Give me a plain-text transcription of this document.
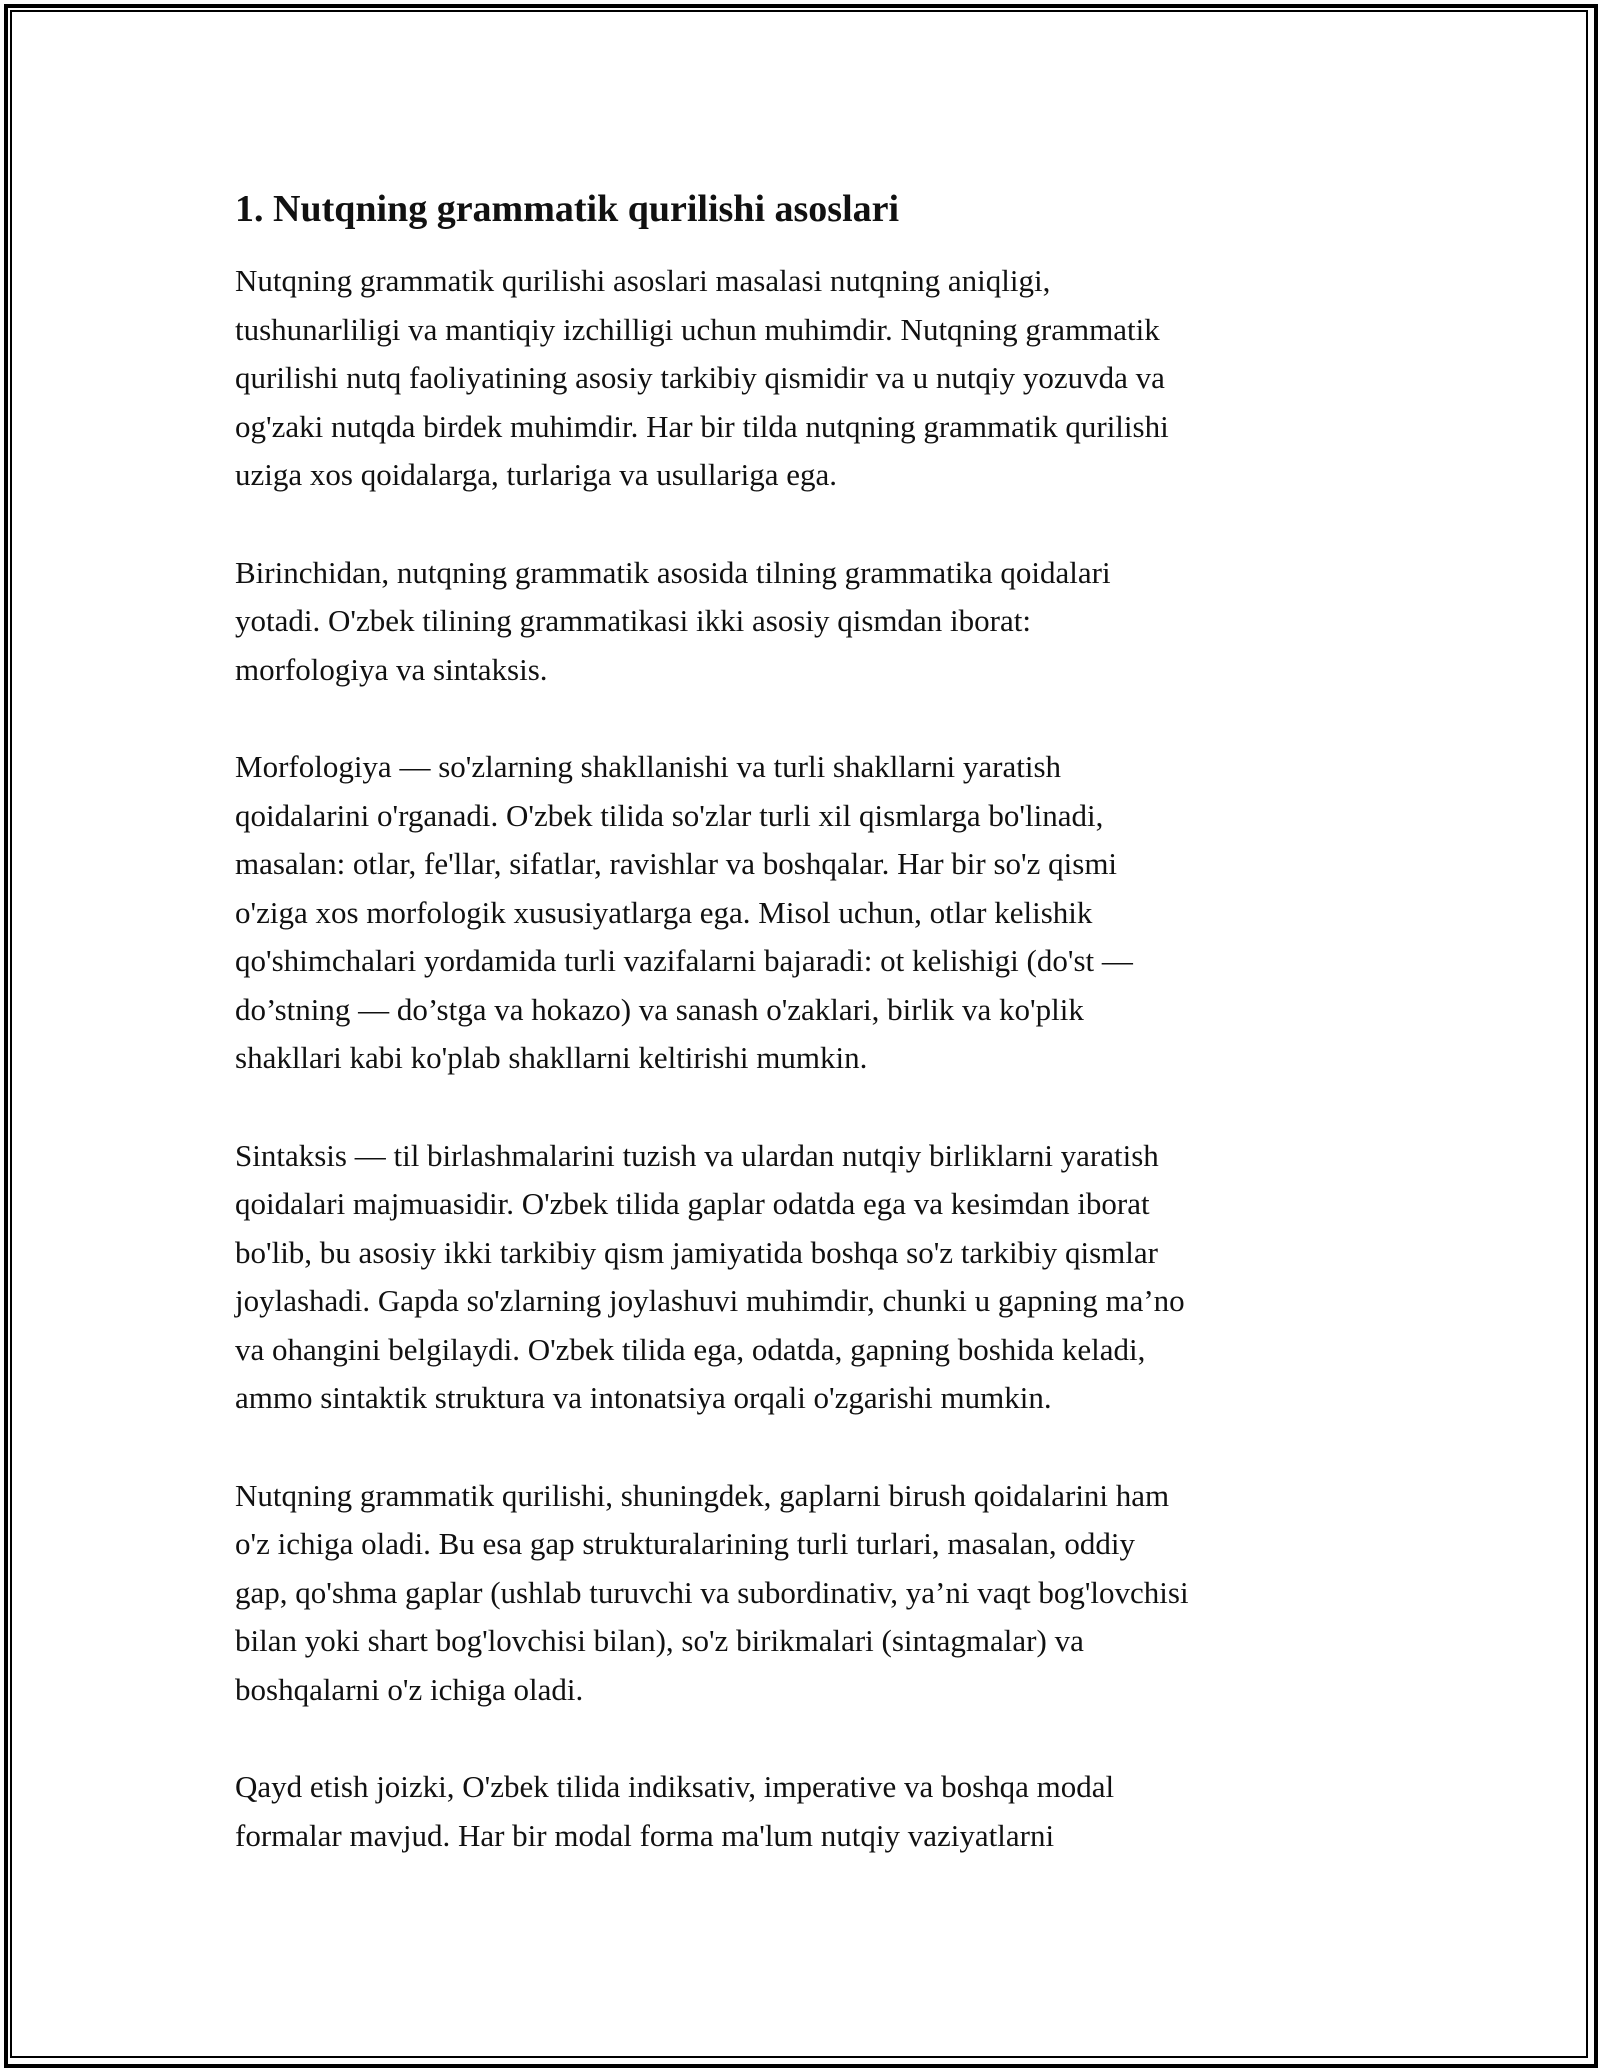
1. Nutqning grammatik qurilishi asoslari

Nutqning grammatik qurilishi asoslari masalasi nutqning aniqligi,
tushunarliligi va mantiqiy izchilligi uchun muhimdir. Nutqning grammatik
qurilishi nutq faoliyatining asosiy tarkibiy qismidir va u nutqiy yozuvda va
og'zaki nutqda birdek muhimdir. Har bir tilda nutqning grammatik qurilishi
uziga xos qoidalarga, turlariga va usullariga ega.

Birinchidan, nutqning grammatik asosida tilning grammatika qoidalari
yotadi. O'zbek tilining grammatikasi ikki asosiy qismdan iborat:
morfologiya va sintaksis.

Morfologiya — so'zlarning shakllanishi va turli shakllarni yaratish
qoidalarini o'rganadi. O'zbek tilida so'zlar turli xil qismlarga bo'linadi,
masalan: otlar, fe'llar, sifatlar, ravishlar va boshqalar. Har bir so'z qismi
o'ziga xos morfologik xususiyatlarga ega. Misol uchun, otlar kelishik
qo'shimchalari yordamida turli vazifalarni bajaradi: ot kelishigi (do'st —
do’stning — do’stga va hokazo) va sanash o'zaklari, birlik va ko'plik
shakllari kabi ko'plab shakllarni keltirishi mumkin.

Sintaksis — til birlashmalarini tuzish va ulardan nutqiy birliklarni yaratish
qoidalari majmuasidir. O'zbek tilida gaplar odatda ega va kesimdan iborat
bo'lib, bu asosiy ikki tarkibiy qism jamiyatida boshqa so'z tarkibiy qismlar
joylashadi. Gapda so'zlarning joylashuvi muhimdir, chunki u gapning ma’no
va ohangini belgilaydi. O'zbek tilida ega, odatda, gapning boshida keladi,
ammo sintaktik struktura va intonatsiya orqali o'zgarishi mumkin.

Nutqning grammatik qurilishi, shuningdek, gaplarni birush qoidalarini ham
o'z ichiga oladi. Bu esa gap strukturalarining turli turlari, masalan, oddiy
gap, qo'shma gaplar (ushlab turuvchi va subordinativ, ya’ni vaqt bog'lovchisi
bilan yoki shart bog'lovchisi bilan), so'z birikmalari (sintagmalar) va
boshqalarni o'z ichiga oladi.

Qayd etish joizki, O'zbek tilida indiksativ, imperative va boshqa modal
formalar mavjud. Har bir modal forma ma'lum nutqiy vaziyatlarni
